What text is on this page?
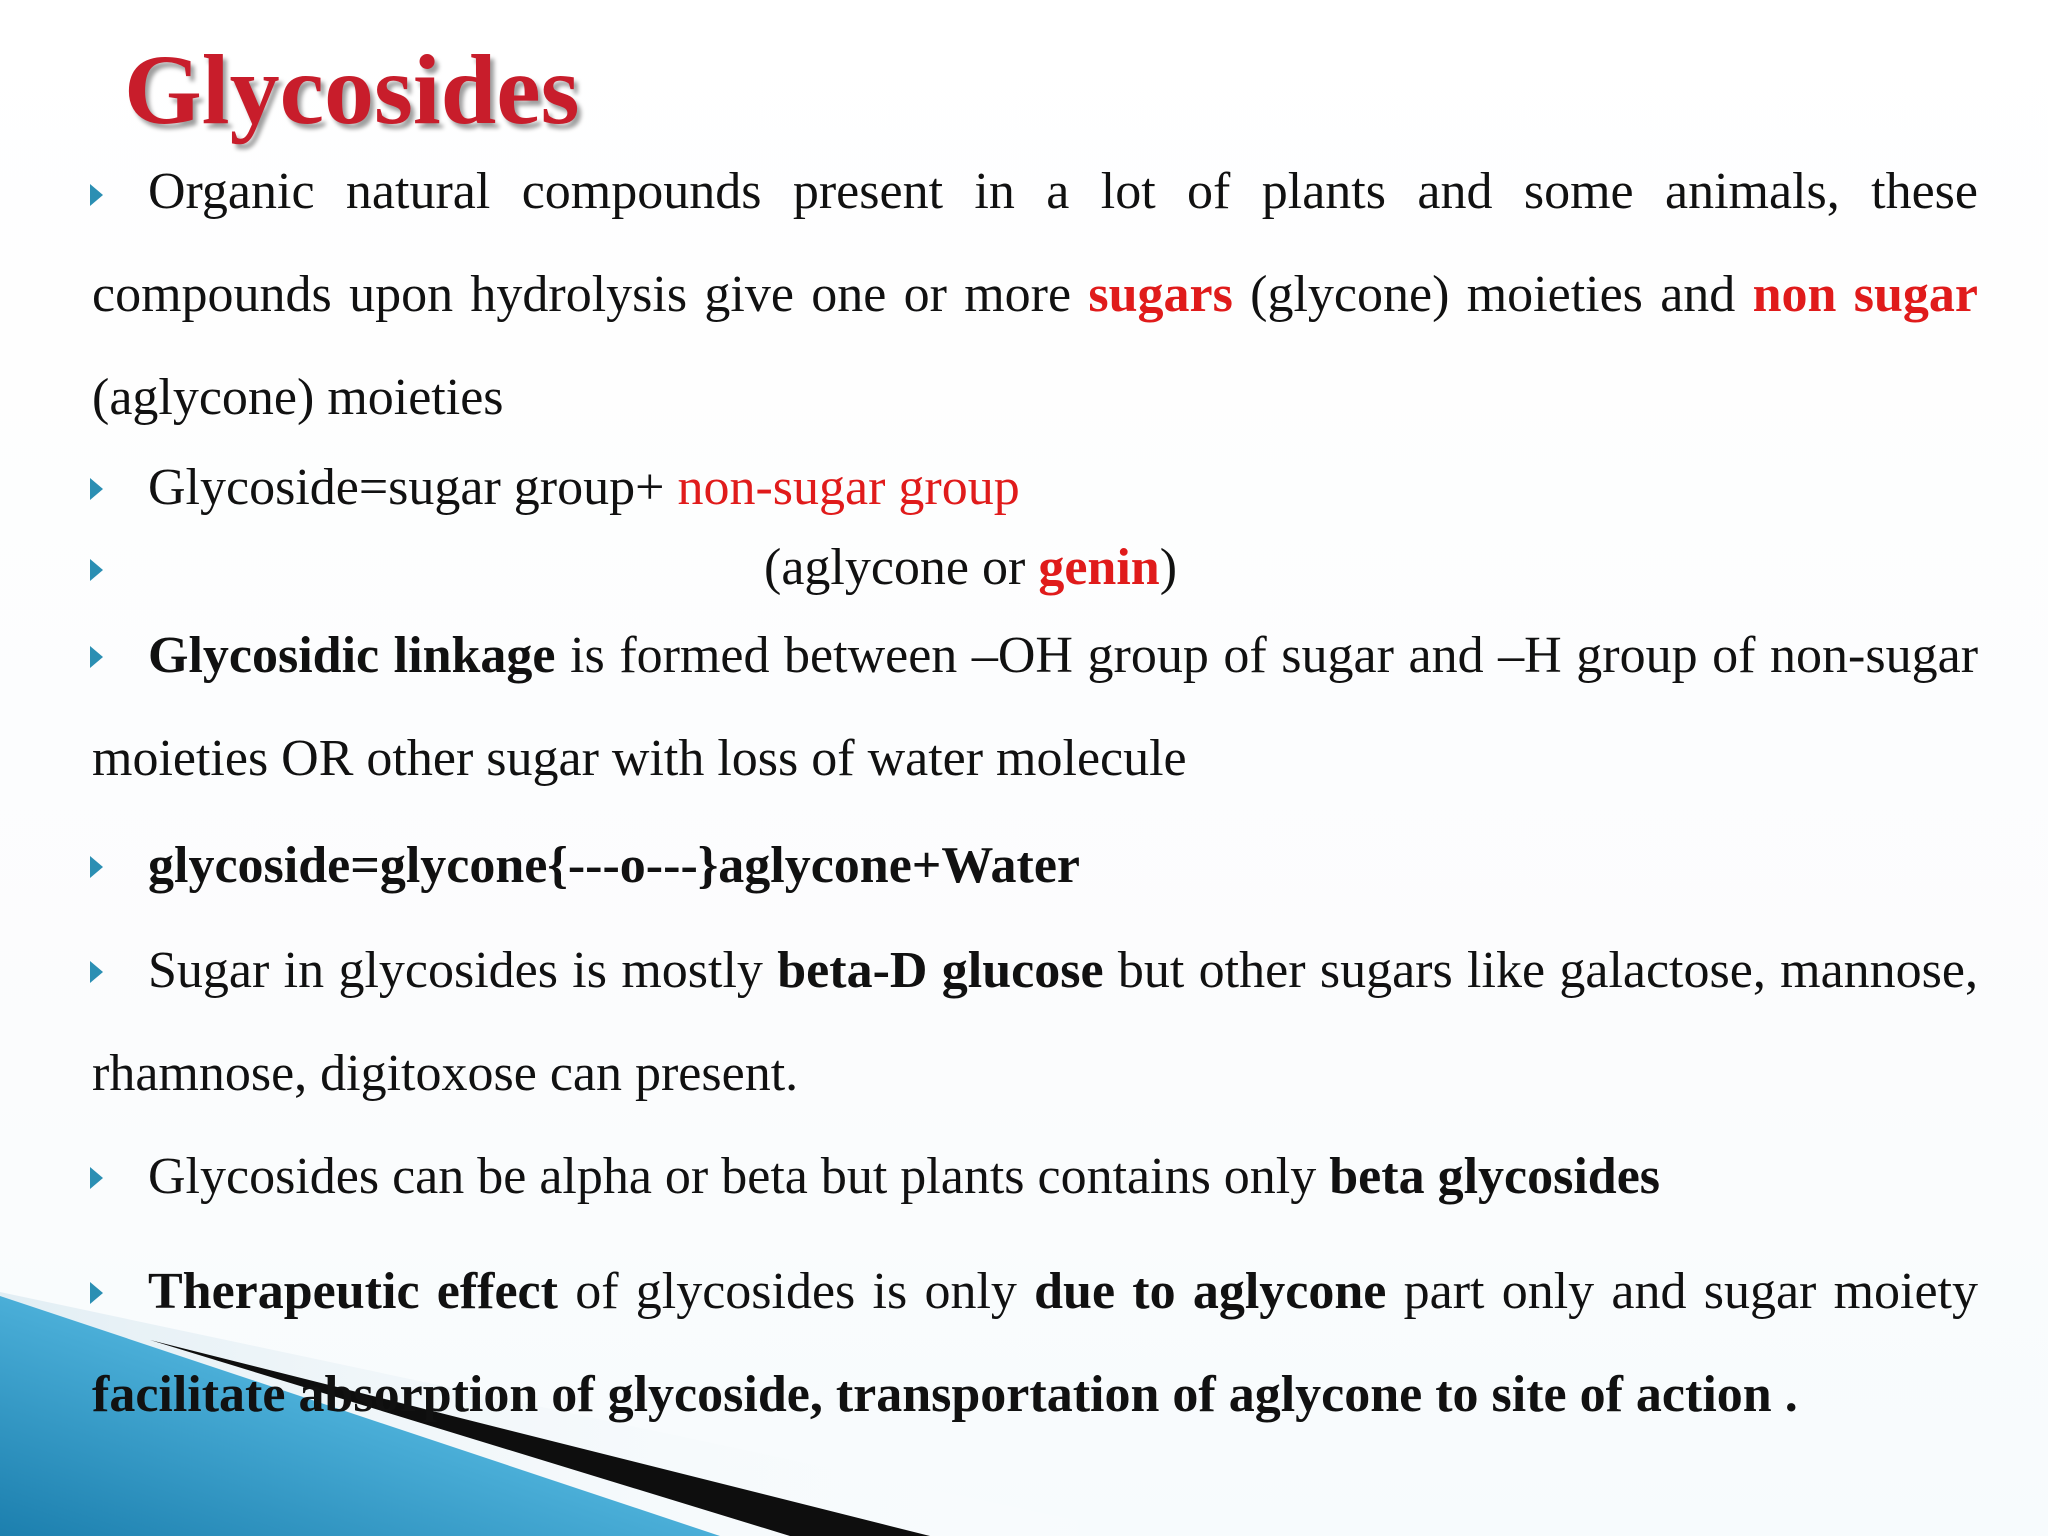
Glycosides

Organic natural compounds present in a lot of plants and some animals, these compounds upon hydrolysis give one or more sugars (glycone) moieties and non sugar (aglycone) moieties

Glycoside=sugar group+ non-sugar group

(aglycone or genin)

Glycosidic linkage is formed between –OH group of sugar and –H group of non-sugar moieties OR other sugar with loss of water molecule

glycoside=glycone{---o---}aglycone+Water

Sugar in glycosides is mostly beta-D glucose but other sugars like galactose, mannose, rhamnose, digitoxose can present.

Glycosides can be alpha or beta but plants contains only beta glycosides

Therapeutic effect of glycosides is only due to aglycone part only and sugar moiety facilitate absorption of glycoside, transportation of aglycone to site of action .
